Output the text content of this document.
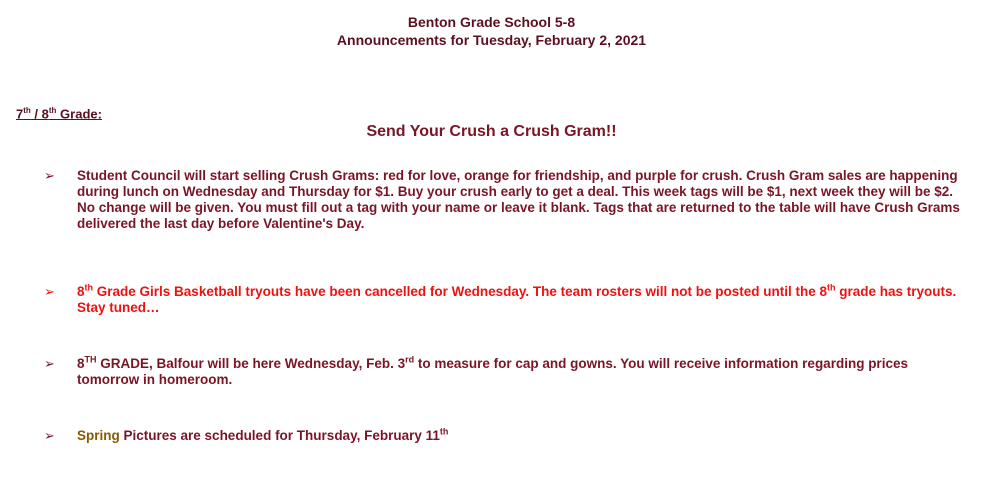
Benton Grade School 5-8
Announcements for Tuesday, February 2, 2021
7th / 8th Grade:
Send Your Crush a Crush Gram!!
➢	Student Council will start selling Crush Grams: red for love, orange for friendship, and purple for crush. Crush Gram sales are happening during lunch on Wednesday and Thursday for $1. Buy your crush early to get a deal. This week tags will be $1, next week they will be $2. No change will be given. You must fill out a tag with your name or leave it blank. Tags that are returned to the table will have Crush Grams delivered the last day before Valentine's Day.
➢	8th Grade Girls Basketball tryouts have been cancelled for Wednesday. The team rosters will not be posted until the 8th grade has tryouts. Stay tuned…
➢	8TH GRADE, Balfour will be here Wednesday, Feb. 3rd to measure for cap and gowns. You will receive information regarding prices tomorrow in homeroom.
➢	Spring Pictures are scheduled for Thursday, February 11th
